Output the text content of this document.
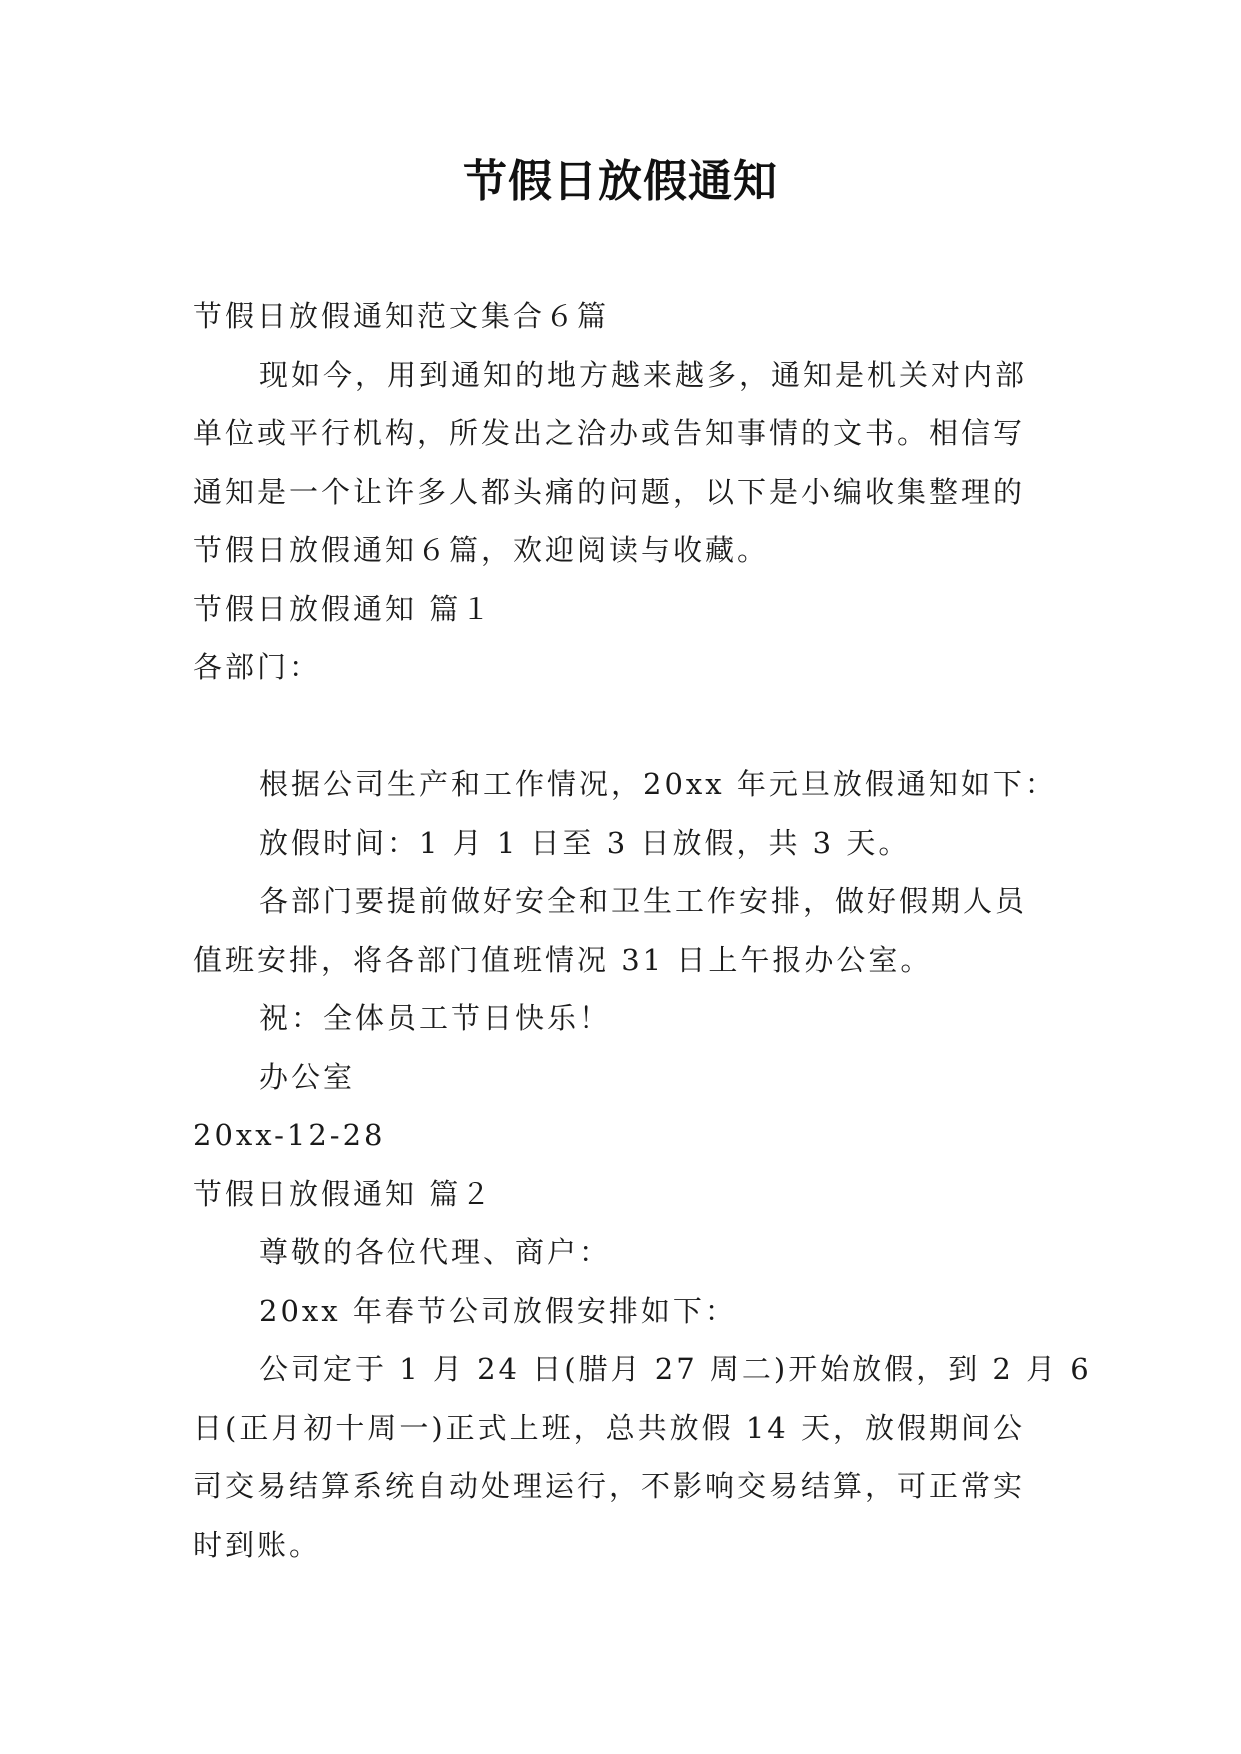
节假日放假通知
节假日放假通知范文集合６篇
现如今，用到通知的地方越来越多，通知是机关对内部
单位或平行机构，所发出之洽办或告知事情的文书。相信写
通知是一个让许多人都头痛的问题，以下是小编收集整理的
节假日放假通知６篇，欢迎阅读与收藏。
节假日放假通知 篇１
各部门：
根据公司生产和工作情况，20xx 年元旦放假通知如下：
放假时间：1 月 1 日至 3 日放假，共 3 天。
各部门要提前做好安全和卫生工作安排，做好假期人员
值班安排，将各部门值班情况 31 日上午报办公室。
祝：全体员工节日快乐！
办公室
20xx-12-28
节假日放假通知 篇２
尊敬的各位代理、商户：
20xx 年春节公司放假安排如下：
公司定于 1 月 24 日(腊月 27 周二)开始放假，到 2 月 6
日(正月初十周一)正式上班，总共放假 14 天，放假期间公
司交易结算系统自动处理运行，不影响交易结算，可正常实
时到账。
